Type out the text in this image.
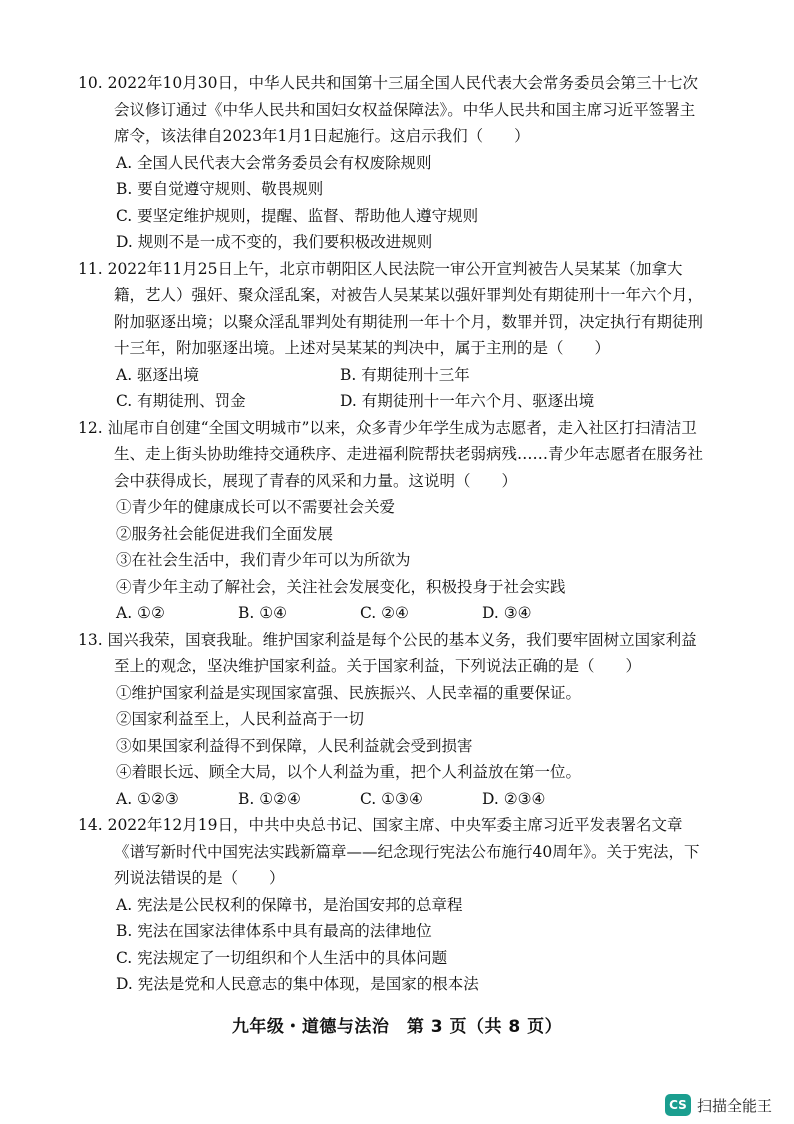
10. 2022年10月30日，中华人民共和国第十三届全国人民代表大会常务委员会第三十七次会议修订通过《中华人民共和国妇女权益保障法》。中华人民共和国主席习近平签署主席令，该法律自2023年1月1日起施行。这启示我们（　　）

A. 全国人民代表大会常务委员会有权废除规则

B. 要自觉遵守规则、敬畏规则

C. 要坚定维护规则，提醒、监督、帮助他人遵守规则

D. 规则不是一成不变的，我们要积极改进规则

11. 2022年11月25日上午，北京市朝阳区人民法院一审公开宣判被告人吴某某（加拿大籍，艺人）强奸、聚众淫乱案，对被告人吴某某以强奸罪判处有期徒刑十一年六个月，附加驱逐出境；以聚众淫乱罪判处有期徒刑一年十个月，数罪并罚，决定执行有期徒刑十三年，附加驱逐出境。上述对吴某某的判决中，属于主刑的是（　　）

A. 驱逐出境	B. 有期徒刑十三年
C. 有期徒刑、罚金	D. 有期徒刑十一年六个月、驱逐出境

12. 汕尾市自创建“全国文明城市”以来，众多青少年学生成为志愿者，走入社区打扫清洁卫生、走上街头协助维持交通秩序、走进福利院帮扶老弱病残……青少年志愿者在服务社会中获得成长，展现了青春的风采和力量。这说明（　　）

①青少年的健康成长可以不需要社会关爱

②服务社会能促进我们全面发展

③在社会生活中，我们青少年可以为所欲为

④青少年主动了解社会，关注社会发展变化，积极投身于社会实践

A. ①②	B. ①④	C. ②④	D. ③④

13. 国兴我荣，国衰我耻。维护国家利益是每个公民的基本义务，我们要牢固树立国家利益至上的观念，坚决维护国家利益。关于国家利益，下列说法正确的是（　　）

①维护国家利益是实现国家富强、民族振兴、人民幸福的重要保证。

②国家利益至上，人民利益高于一切

③如果国家利益得不到保障，人民利益就会受到损害

④着眼长远、顾全大局，以个人利益为重，把个人利益放在第一位。

A. ①②③	B. ①②④	C. ①③④	D. ②③④

14. 2022年12月19日，中共中央总书记、国家主席、中央军委主席习近平发表署名文章《谱写新时代中国宪法实践新篇章——纪念现行宪法公布施行40周年》。关于宪法，下列说法错误的是（　　）

A. 宪法是公民权利的保障书，是治国安邦的总章程

B. 宪法在国家法律体系中具有最高的法律地位

C. 宪法规定了一切组织和个人生活中的具体问题

D. 宪法是党和人民意志的集中体现，是国家的根本法

九年级・道德与法治　第 3 页（共 8 页）
CS 扫描全能王
